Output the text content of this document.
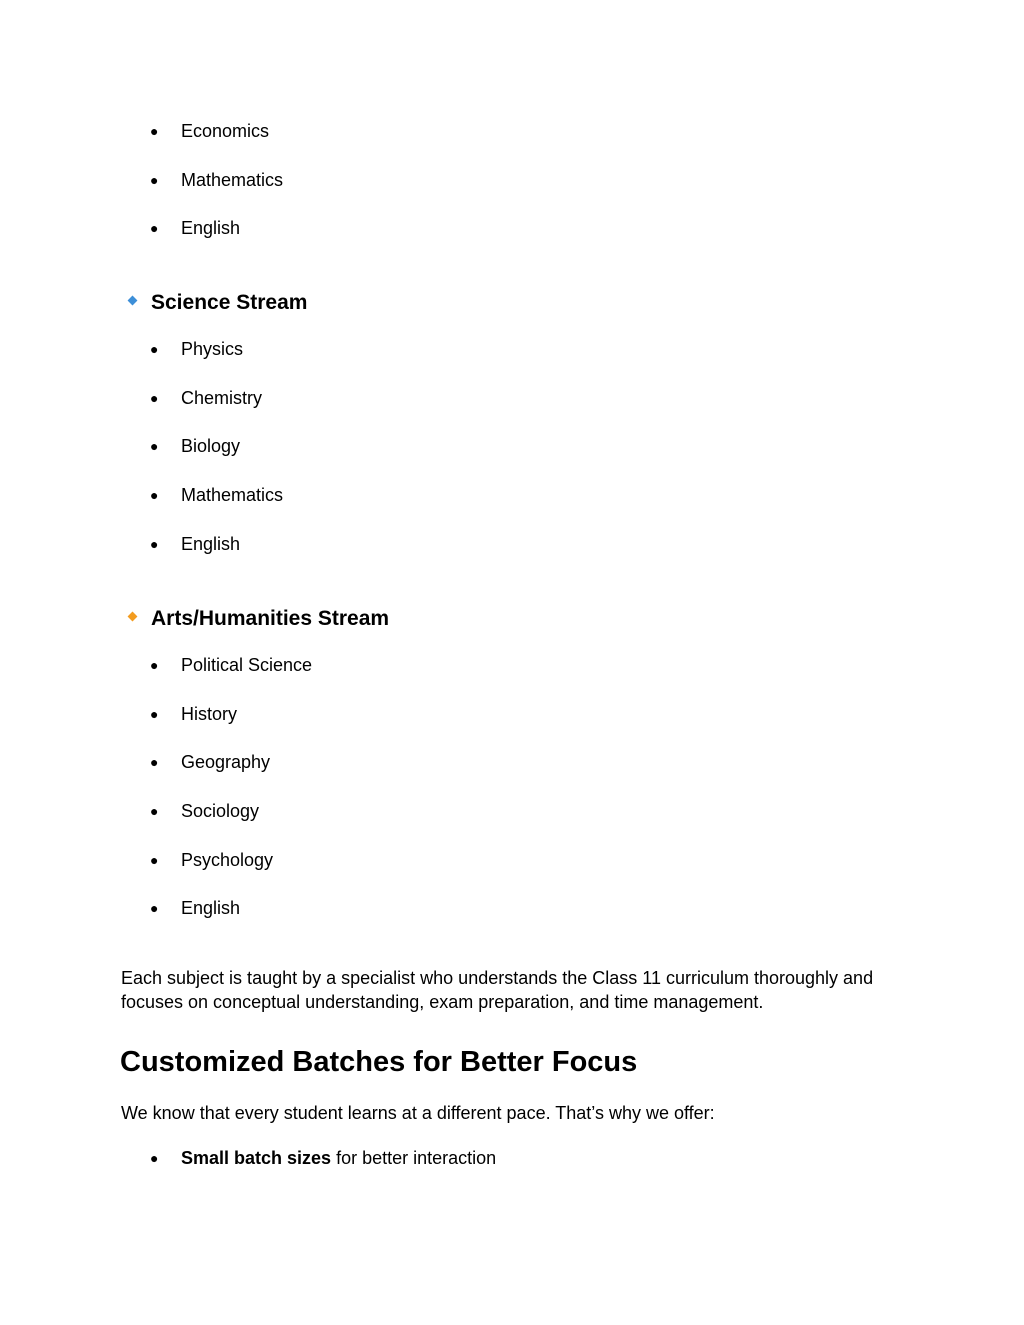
● Economics
● Mathematics
● English
Science Stream
● Physics
● Chemistry
● Biology
● Mathematics
● English
Arts/Humanities Stream
● Political Science
● History
● Geography
● Sociology
● Psychology
● English

Each subject is taught by a specialist who understands the Class 11 curriculum thoroughly and focuses on conceptual understanding, exam preparation, and time management.

Customized Batches for Better Focus

We know that every student learns at a different pace. That’s why we offer:

● Small batch sizes for better interaction
